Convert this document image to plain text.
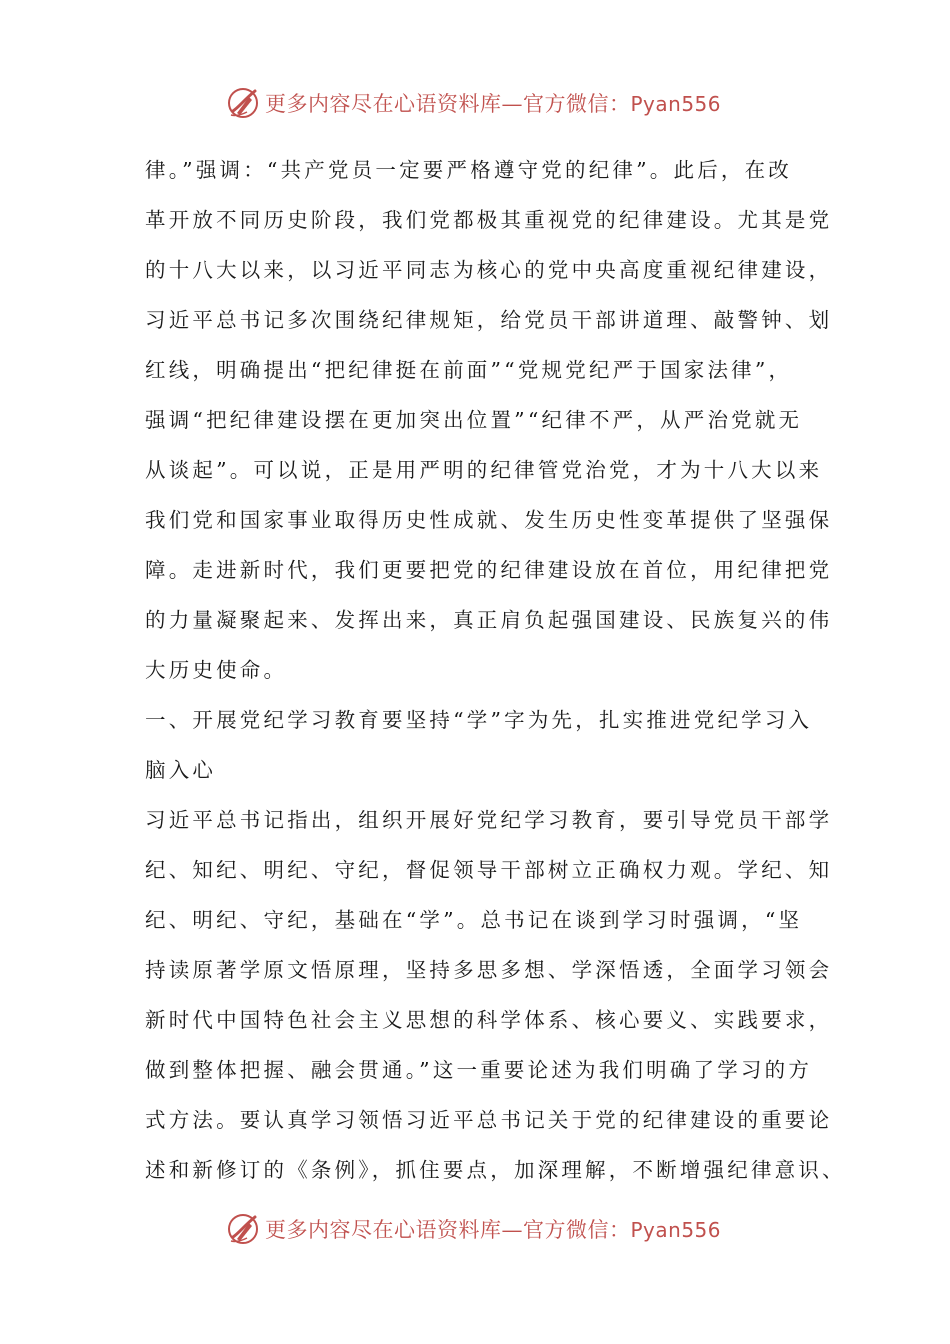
更多内容尽在心语资料库—官方微信：Pyan556
律。”强调：“共产党员一定要严格遵守党的纪律”。此后，在改
革开放不同历史阶段，我们党都极其重视党的纪律建设。尤其是党
的十八大以来，以习近平同志为核心的党中央高度重视纪律建设，
习近平总书记多次围绕纪律规矩，给党员干部讲道理、敲警钟、划
红线，明确提出“把纪律挺在前面”“党规党纪严于国家法律”，
强调“把纪律建设摆在更加突出位置”“纪律不严，从严治党就无
从谈起”。可以说，正是用严明的纪律管党治党，才为十八大以来
我们党和国家事业取得历史性成就、发生历史性变革提供了坚强保
障。走进新时代，我们更要把党的纪律建设放在首位，用纪律把党
的力量凝聚起来、发挥出来，真正肩负起强国建设、民族复兴的伟
大历史使命。
一、开展党纪学习教育要坚持“学”字为先，扎实推进党纪学习入
脑入心
习近平总书记指出，组织开展好党纪学习教育，要引导党员干部学
纪、知纪、明纪、守纪，督促领导干部树立正确权力观。学纪、知
纪、明纪、守纪，基础在“学”。总书记在谈到学习时强调，“坚
持读原著学原文悟原理，坚持多思多想、学深悟透，全面学习领会
新时代中国特色社会主义思想的科学体系、核心要义、实践要求，
做到整体把握、融会贯通。”这一重要论述为我们明确了学习的方
式方法。要认真学习领悟习近平总书记关于党的纪律建设的重要论
述和新修订的《条例》，抓住要点，加深理解，不断增强纪律意识、
更多内容尽在心语资料库—官方微信：Pyan556
